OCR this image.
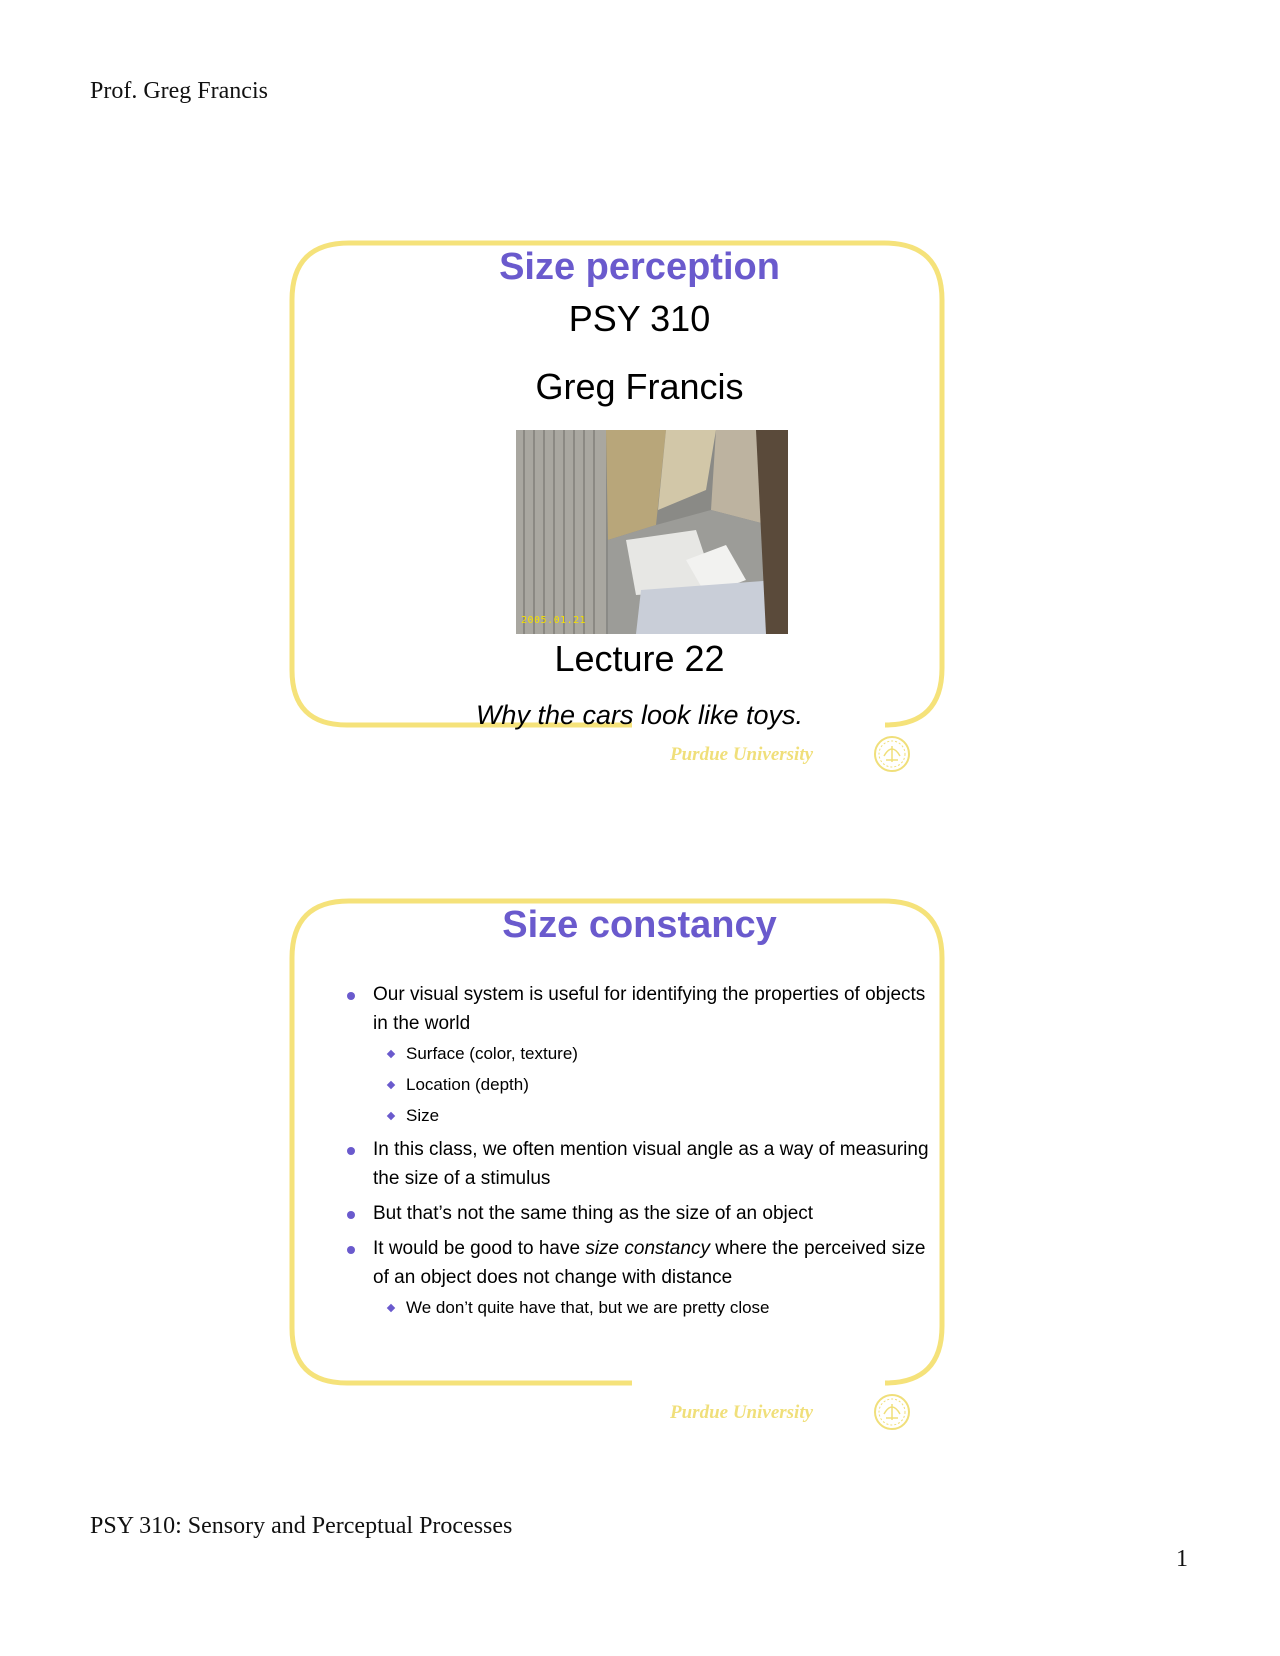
Prof. Greg Francis
Size perception
PSY 310
Greg Francis
2005.01.21
Lecture 22
Why the cars look like toys.
Purdue University
Size constancy
Our visual system is useful for identifying the properties of objects in the world
Surface (color, texture)
Location (depth)
Size
In this class, we often mention visual angle as a way of measuring the size of a stimulus
But that’s not the same thing as the size of an object
It would be good to have size constancy where the perceived size of an object does not change with distance
We don’t quite have that, but we are pretty close
Purdue University
PSY 310: Sensory and Perceptual Processes
1
